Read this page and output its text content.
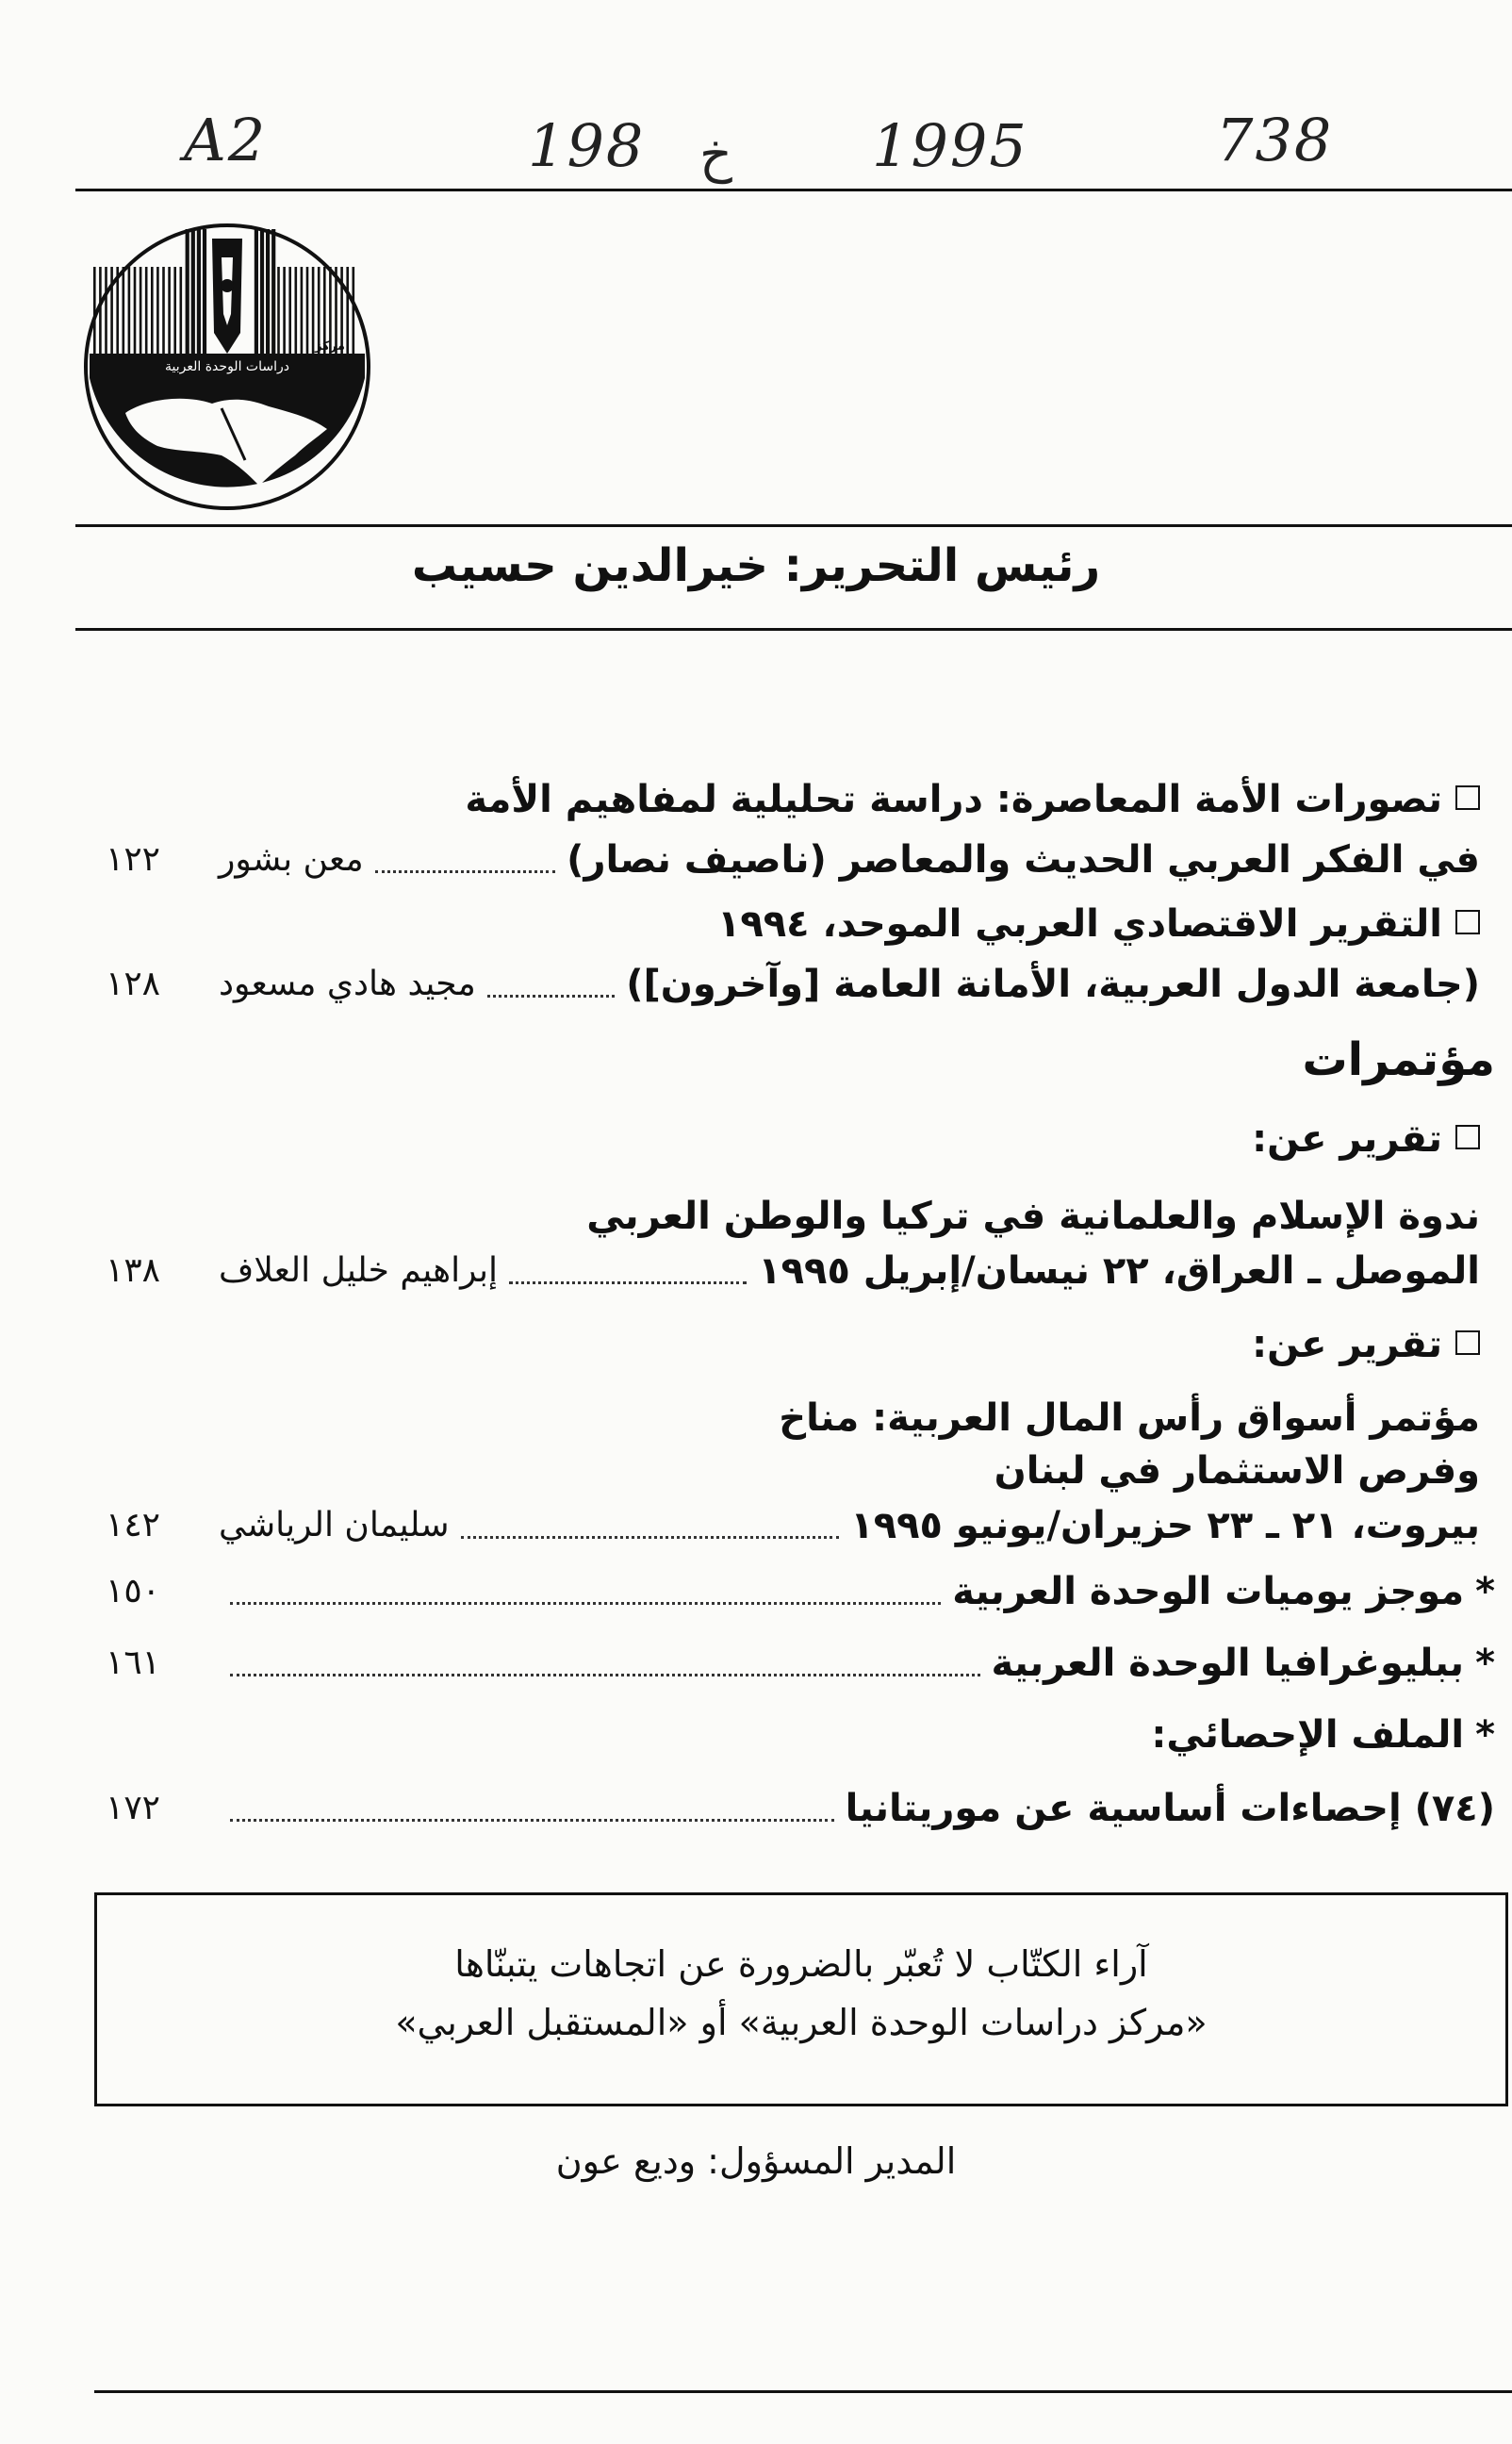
A2	198 خ 1995	738
دراسات الوحدة العربية
مركز
رئيس التحرير: خيرالدين حسيب
تصورات الأمة المعاصرة: دراسة تحليلية لمفاهيم الأمة
في الفكر العربي الحديث والمعاصر (ناصيف نصار)
معن بشور
١٢٢
التقرير الاقتصادي العربي الموحد، ١٩٩٤
(جامعة الدول العربية، الأمانة العامة [وآخرون])
مجيد هادي مسعود
١٢٨
مؤتمرات
تقرير عن:
ندوة الإسلام والعلمانية في تركيا والوطن العربي
الموصل ـ العراق، ٢٢ نيسان/إبريل ١٩٩٥
إبراهيم خليل العلاف
١٣٨
تقرير عن:
مؤتمر أسواق رأس المال العربية: مناخ
وفرص الاستثمار في لبنان
بيروت، ٢١ ـ ٢٣ حزيران/يونيو ١٩٩٥
سليمان الرياشي
١٤٢
*موجز يوميات الوحدة العربية
١٥٠
*ببليوغرافيا الوحدة العربية
١٦١
*الملف الإحصائي:
(٧٤) إحصاءات أساسية عن موريتانيا
١٧٢
آراء الكتّاب لا تُعبّر بالضرورة عن اتجاهات يتبنّاها
«مركز دراسات الوحدة العربية» أو «المستقبل العربي»
المدير المسؤول: وديع عون
